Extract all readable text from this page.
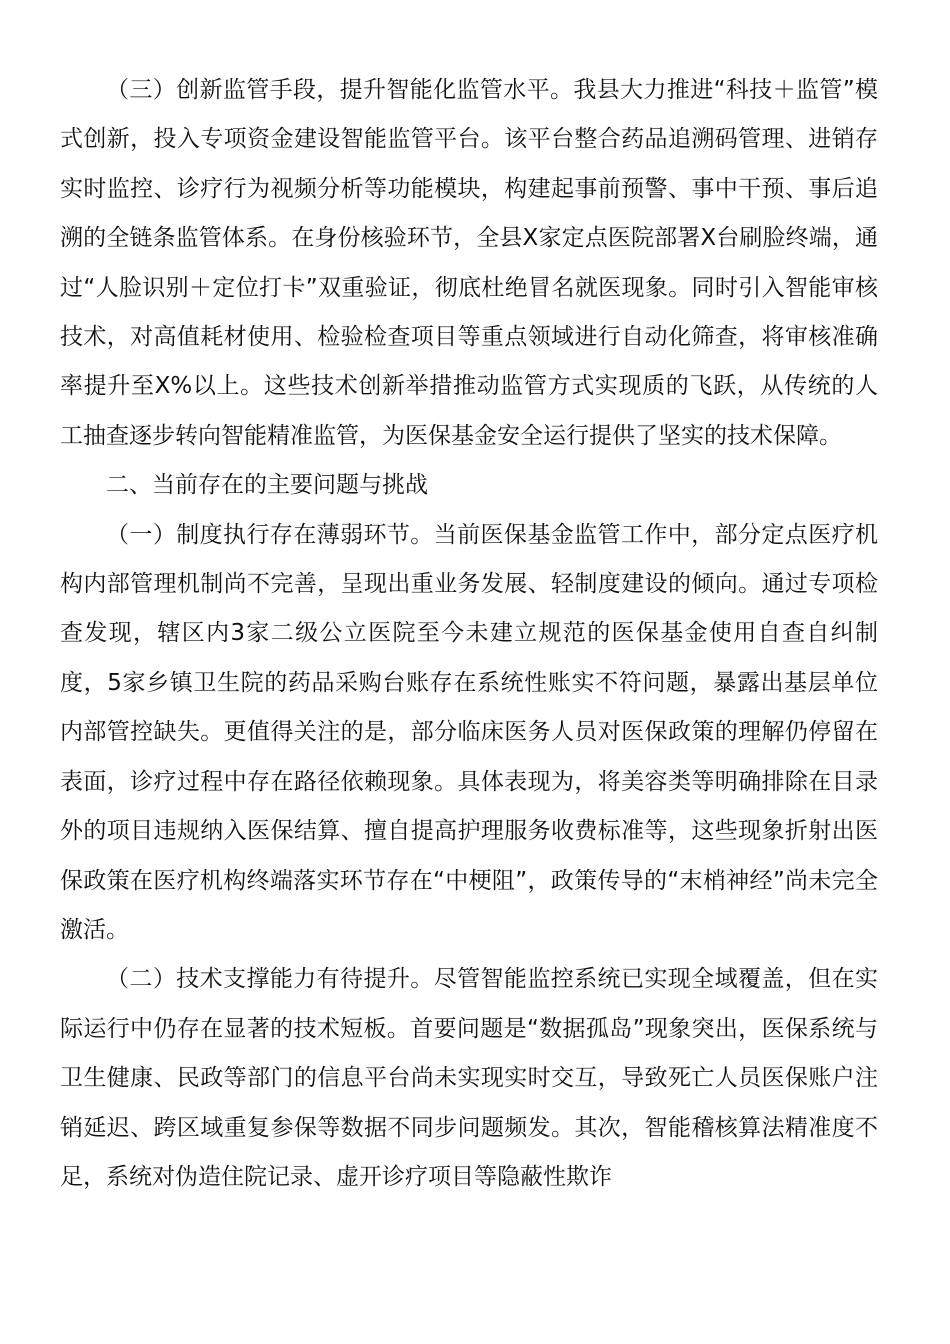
（三）创新监管手段，提升智能化监管水平。我县大力推进“科技＋监管”模式创新，投入专项资金建设智能监管平台。该平台整合药品追溯码管理、进销存实时监控、诊疗行为视频分析等功能模块，构建起事前预警、事中干预、事后追溯的全链条监管体系。在身份核验环节，全县X家定点医院部署X台刷脸终端，通过“人脸识别＋定位打卡”双重验证，彻底杜绝冒名就医现象。同时引入智能审核技术，对高值耗材使用、检验检查项目等重点领域进行自动化筛查，将审核准确率提升至X%以上。这些技术创新举措推动监管方式实现质的飞跃，从传统的人工抽查逐步转向智能精准监管，为医保基金安全运行提供了坚实的技术保障。

二、当前存在的主要问题与挑战

（一）制度执行存在薄弱环节。当前医保基金监管工作中，部分定点医疗机构内部管理机制尚不完善，呈现出重业务发展、轻制度建设的倾向。通过专项检查发现，辖区内3家二级公立医院至今未建立规范的医保基金使用自查自纠制度，5家乡镇卫生院的药品采购台账存在系统性账实不符问题，暴露出基层单位内部管控缺失。更值得关注的是，部分临床医务人员对医保政策的理解仍停留在表面，诊疗过程中存在路径依赖现象。具体表现为，将美容类等明确排除在目录外的项目违规纳入医保结算、擅自提高护理服务收费标准等，这些现象折射出医保政策在医疗机构终端落实环节存在“中梗阻”，政策传导的“末梢神经”尚未完全激活。

（二）技术支撑能力有待提升。尽管智能监控系统已实现全域覆盖，但在实际运行中仍存在显著的技术短板。首要问题是“数据孤岛”现象突出，医保系统与卫生健康、民政等部门的信息平台尚未实现实时交互，导致死亡人员医保账户注销延迟、跨区域重复参保等数据不同步问题频发。其次，智能稽核算法精准度不足，系统对伪造住院记录、虚开诊疗项目等隐蔽性欺诈
